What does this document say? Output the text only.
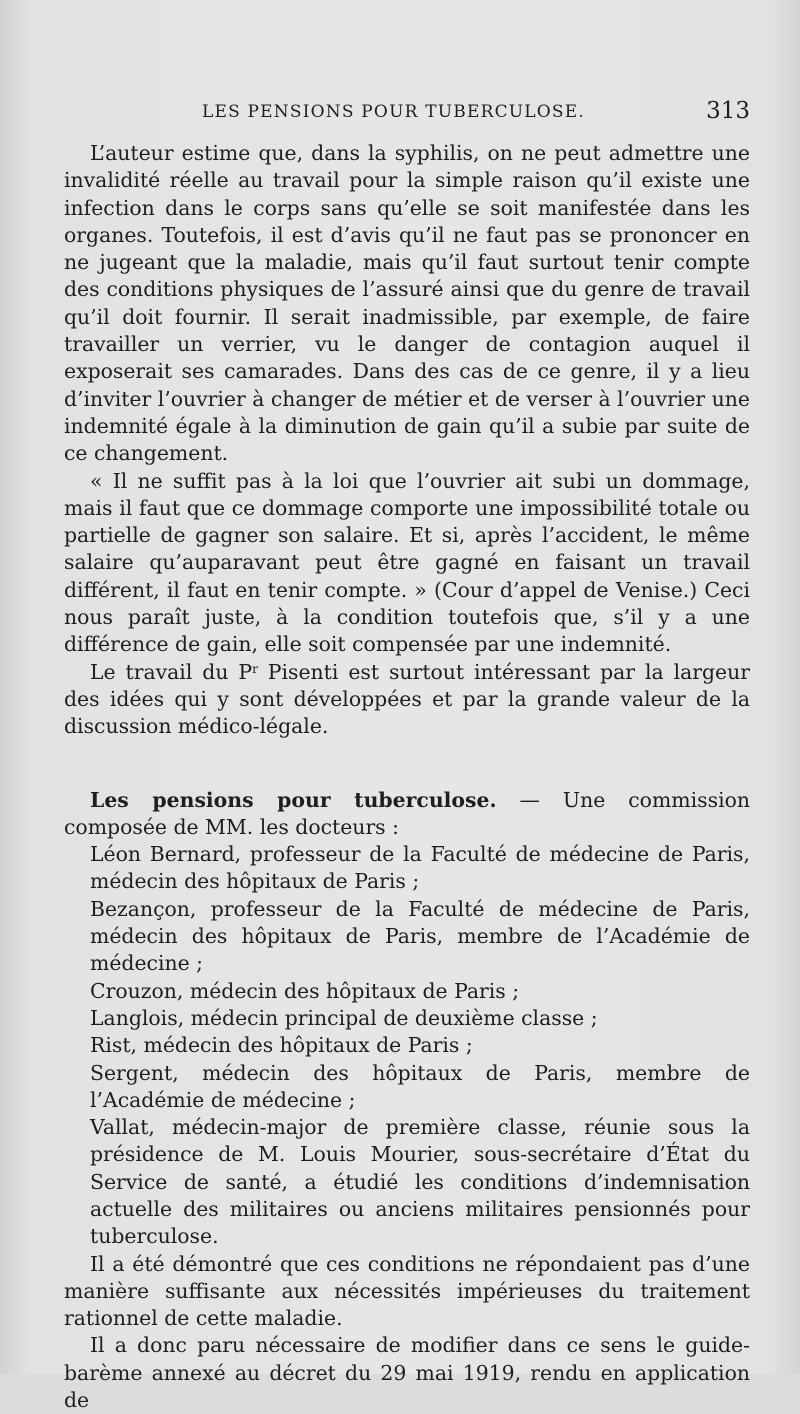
LES PENSIONS POUR TUBERCULOSE.	313

L’auteur estime que, dans la syphilis, on ne peut admettre une invalidité réelle au travail pour la simple raison qu’il existe une infection dans le corps sans qu’elle se soit manifestée dans les organes. Toutefois, il est d’avis qu’il ne faut pas se prononcer en ne jugeant que la maladie, mais qu’il faut surtout tenir compte des conditions physiques de l’assuré ainsi que du genre de travail qu’il doit fournir. Il serait inadmissible, par exemple, de faire travailler un verrier, vu le danger de contagion auquel il exposerait ses camarades. Dans des cas de ce genre, il y a lieu d’inviter l’ouvrier à changer de métier et de verser à l’ouvrier une indemnité égale à la diminution de gain qu’il a subie par suite de ce changement.

« Il ne suffit pas à la loi que l’ouvrier ait subi un dommage, mais il faut que ce dommage comporte une impossibilité totale ou partielle de gagner son salaire. Et si, après l’accident, le même salaire qu’auparavant peut être gagné en faisant un travail différent, il faut en tenir compte. » (Cour d’appel de Venise.) Ceci nous paraît juste, à la condition toutefois que, s’il y a une différence de gain, elle soit compensée par une indemnité.

Le travail du $P^r$ Pisenti est surtout intéressant par la largeur des idées qui y sont développées et par la grande valeur de la discussion médico-légale.

Les pensions pour tuberculose. — Une commission composée de MM. les docteurs :

Léon Bernard, professeur de la Faculté de médecine de Paris, médecin des hôpitaux de Paris ;

Bezançon, professeur de la Faculté de médecine de Paris, médecin des hôpitaux de Paris, membre de l’Académie de médecine ;

Crouzon, médecin des hôpitaux de Paris ;

Langlois, médecin principal de deuxième classe ;

Rist, médecin des hôpitaux de Paris ;

Sergent, médecin des hôpitaux de Paris, membre de l’Académie de médecine ;

Vallat, médecin-major de première classe, réunie sous la présidence de M. Louis Mourier, sous-secrétaire d’État du Service de santé, a étudié les conditions d’indemnisation actuelle des militaires ou anciens militaires pensionnés pour tuberculose.

Il a été démontré que ces conditions ne répondaient pas d’une manière suffisante aux nécessités impérieuses du traitement rationnel de cette maladie.

Il a donc paru nécessaire de modifier dans ce sens le guide-barème annexé au décret du 29 mai 1919, rendu en application de
